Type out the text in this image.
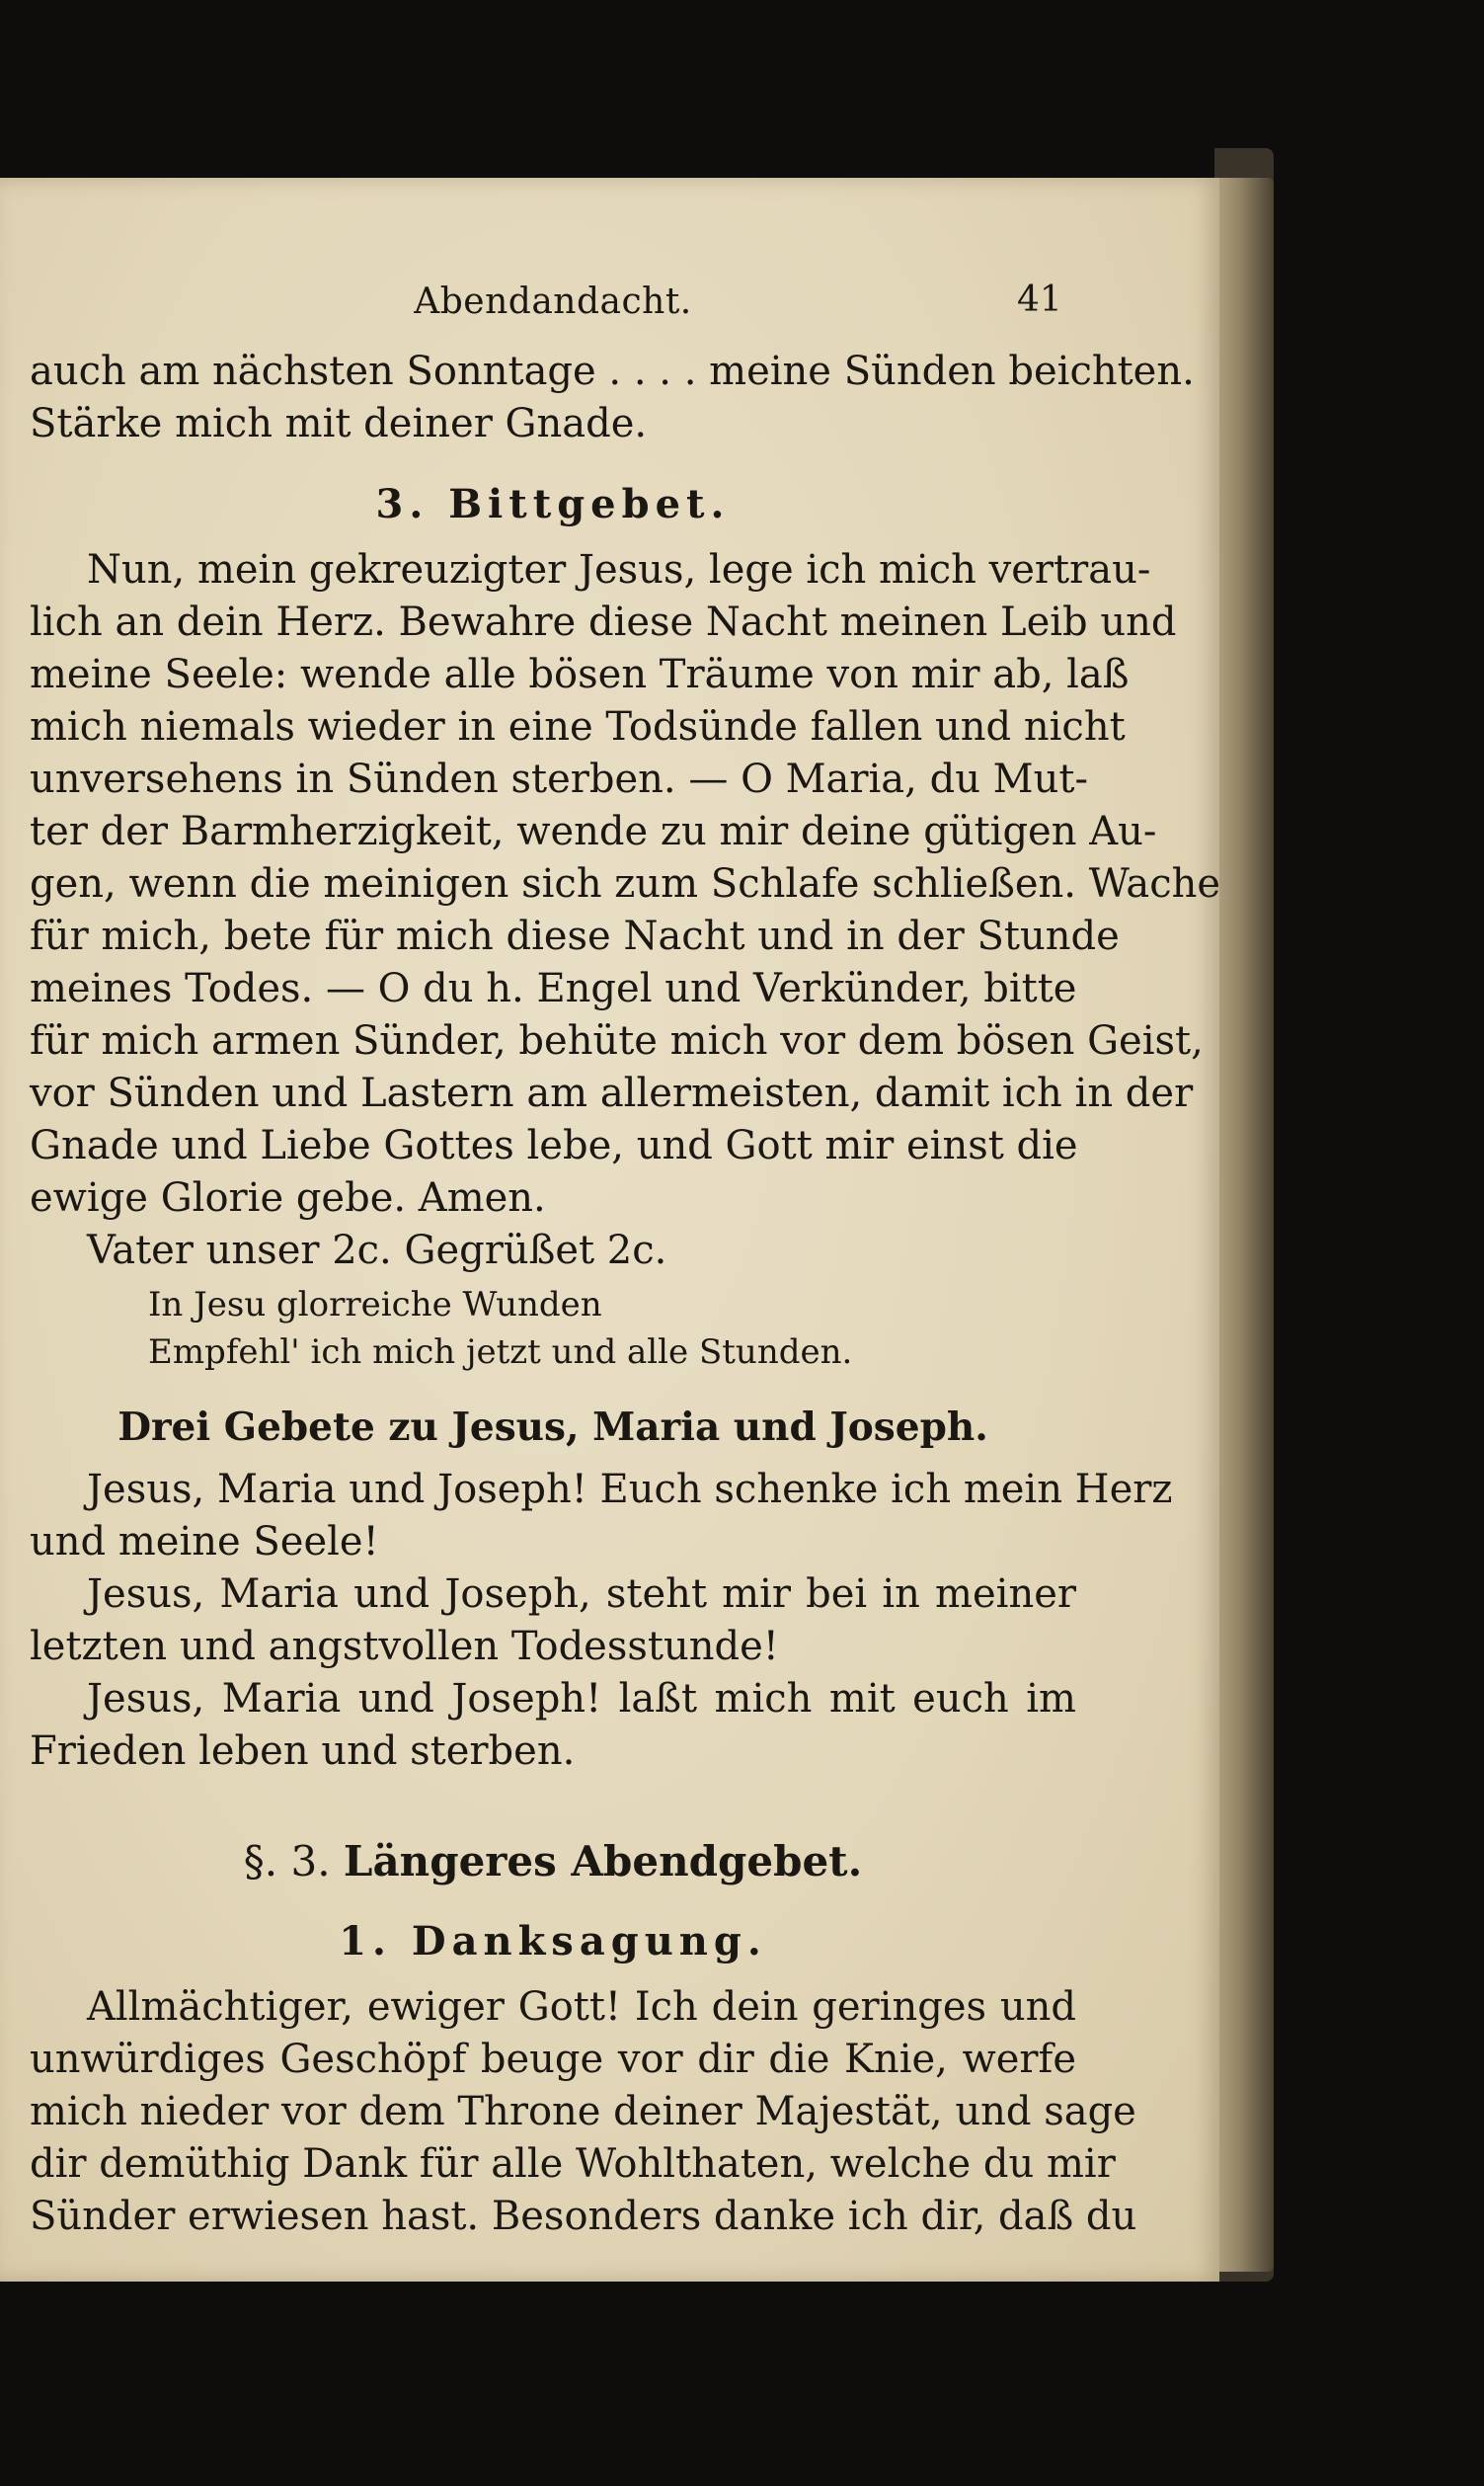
Abendandacht.	41
auch am nächsten Sonntage . . . . meine Sünden beichten.
Stärke mich mit deiner Gnade.
3. Bittgebet.
Nun, mein gekreuzigter Jesus, lege ich mich vertrau-
lich an dein Herz. Bewahre diese Nacht meinen Leib und
meine Seele: wende alle bösen Träume von mir ab, laß
mich niemals wieder in eine Todsünde fallen und nicht
unversehens in Sünden sterben. — O Maria, du Mut-
ter der Barmherzigkeit, wende zu mir deine gütigen Au-
gen, wenn die meinigen sich zum Schlafe schließen. Wache
für mich, bete für mich diese Nacht und in der Stunde
meines Todes. — O du h. Engel und Verkünder, bitte
für mich armen Sünder, behüte mich vor dem bösen Geist,
vor Sünden und Lastern am allermeisten, damit ich in der
Gnade und Liebe Gottes lebe, und Gott mir einst die
ewige Glorie gebe. Amen.
Vater unser 2c. Gegrüßet 2c.
In Jesu glorreiche Wunden
Empfehl' ich mich jetzt und alle Stunden.
Drei Gebete zu Jesus, Maria und Joseph.
Jesus, Maria und Joseph! Euch schenke ich mein Herz
und meine Seele!
Jesus, Maria und Joseph, steht mir bei in meiner
letzten und angstvollen Todesstunde!
Jesus, Maria und Joseph! laßt mich mit euch im
Frieden leben und sterben.
§. 3. Längeres Abendgebet.
1. Danksagung.
Allmächtiger, ewiger Gott! Ich dein geringes und
unwürdiges Geschöpf beuge vor dir die Knie, werfe
mich nieder vor dem Throne deiner Majestät, und sage
dir demüthig Dank für alle Wohlthaten, welche du mir
Sünder erwiesen hast. Besonders danke ich dir, daß du
